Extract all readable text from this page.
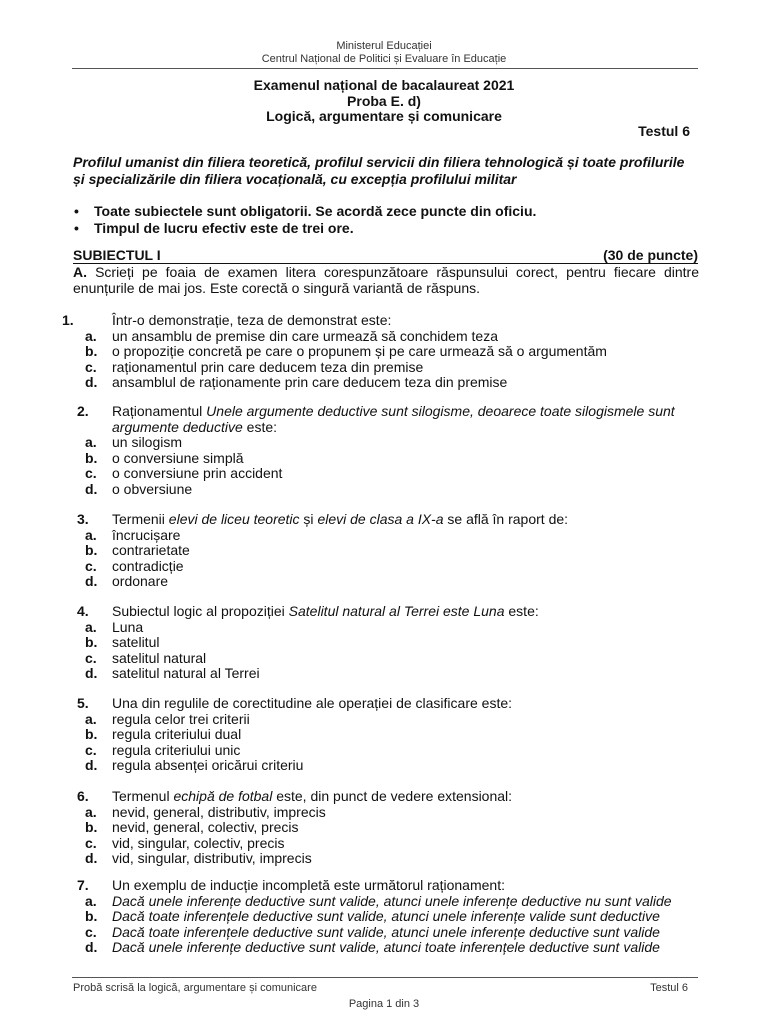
Ministerul Educației
Centrul Național de Politici și Evaluare în Educație
Examenul național de bacalaureat 2021
Proba E. d)
Logică, argumentare și comunicare
Testul 6
Profilul umanist din filiera teoretică, profilul servicii din filiera tehnologică și toate profilurile și specializările din filiera vocațională, cu excepția profilului militar
•	Toate subiectele sunt obligatorii. Se acordă zece puncte din oficiu.
•	Timpul de lucru efectiv este de trei ore.
SUBIECTUL I	(30 de puncte)
A. Scrieți pe foaia de examen litera corespunzătoare răspunsului corect, pentru fiecare dintre enunțurile de mai jos. Este corectă o singură variantă de răspuns.
1.	Într-o demonstrație, teza de demonstrat este:
a.	un ansamblu de premise din care urmează să conchidem teza
b.	o propoziție concretă pe care o propunem și pe care urmează să o argumentăm
c.	raționamentul prin care deducem teza din premise
d.	ansamblul de raționamente prin care deducem teza din premise
2.	Raționamentul Unele argumente deductive sunt silogisme, deoarece toate silogismele sunt argumente deductive este:
a.	un silogism
b.	o conversiune simplă
c.	o conversiune prin accident
d.	o obversiune
3.	Termenii elevi de liceu teoretic și elevi de clasa a IX-a se află în raport de:
a.	încrucișare
b.	contrarietate
c.	contradicție
d.	ordonare
4.	Subiectul logic al propoziției Satelitul natural al Terrei este Luna este:
a.	Luna
b.	satelitul
c.	satelitul natural
d.	satelitul natural al Terrei
5.	Una din regulile de corectitudine ale operației de clasificare este:
a.	regula celor trei criterii
b.	regula criteriului dual
c.	regula criteriului unic
d.	regula absenței oricărui criteriu
6.	Termenul echipă de fotbal este, din punct de vedere extensional:
a.	nevid, general, distributiv, imprecis
b.	nevid, general, colectiv, precis
c.	vid, singular, colectiv, precis
d.	vid, singular, distributiv, imprecis
7.	Un exemplu de inducție incompletă este următorul raționament:
a.	Dacă unele inferențe deductive sunt valide, atunci unele inferențe deductive nu sunt valide
b.	Dacă toate inferențele deductive sunt valide, atunci unele inferențe valide sunt deductive
c.	Dacă toate inferențele deductive sunt valide, atunci unele inferențe deductive sunt valide
d.	Dacă unele inferențe deductive sunt valide, atunci toate inferențele deductive sunt valide
Probă scrisă la logică, argumentare și comunicare	Testul 6
Pagina 1 din 3
